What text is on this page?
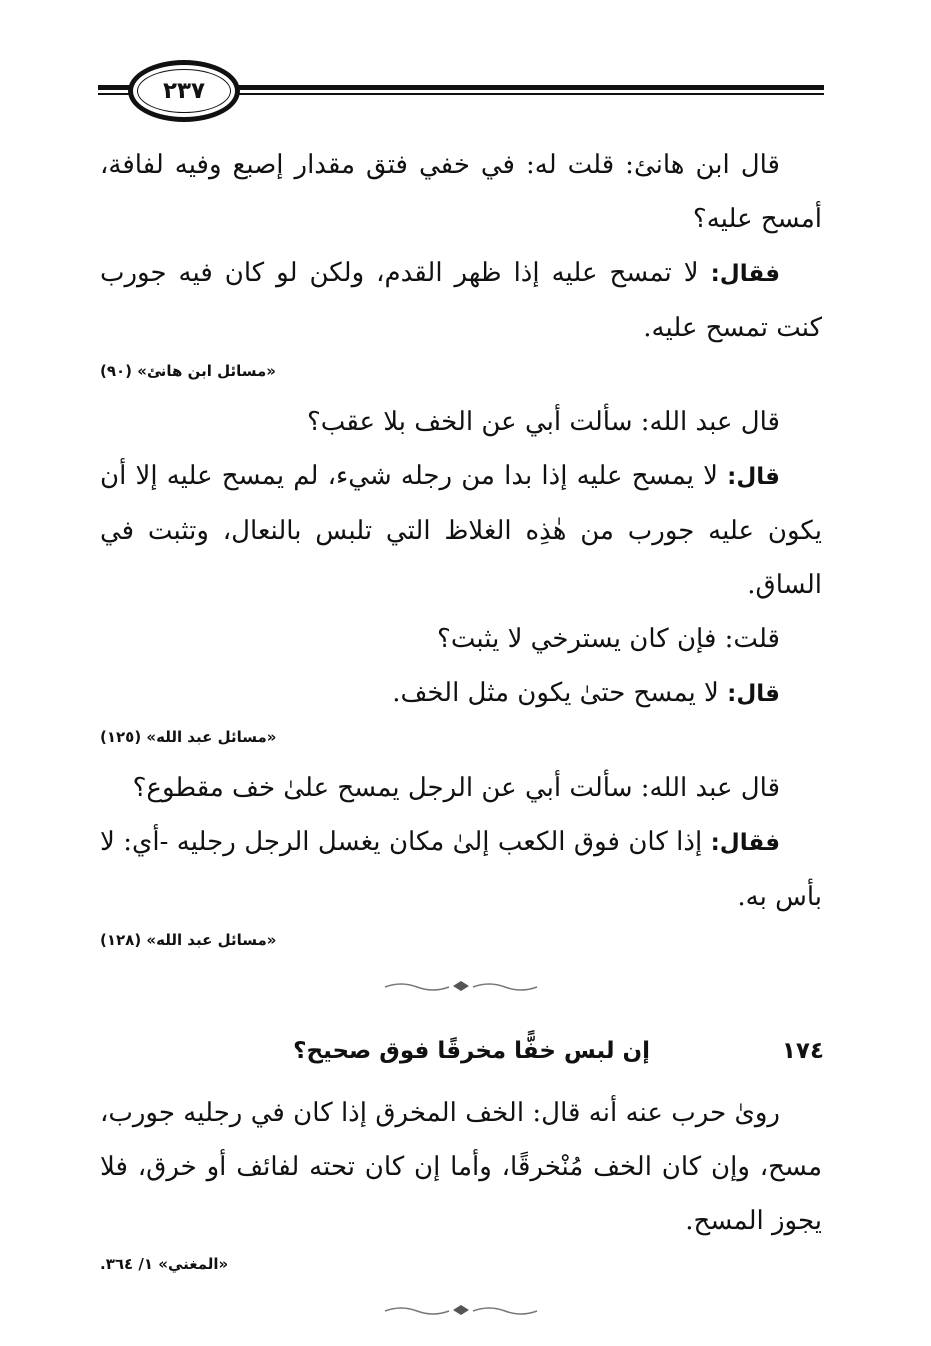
٢٣٧

قال ابن هانئ: قلت له: في خفي فتق مقدار إصبع وفيه لفافة، أمسح عليه؟

فقال: لا تمسح عليه إذا ظهر القدم، ولكن لو كان فيه جورب كنت تمسح عليه.

«مسائل ابن هانئ» (٩٠)

قال عبد الله: سألت أبي عن الخف بلا عقب؟

قال: لا يمسح عليه إذا بدا من رجله شيء، لم يمسح عليه إلا أن يكون عليه جورب من هٰذِه الغلاظ التي تلبس بالنعال، وتثبت في الساق.

قلت: فإن كان يسترخي لا يثبت؟

قال: لا يمسح حتىٰ يكون مثل الخف.

«مسائل عبد الله» (١٢٥)

قال عبد الله: سألت أبي عن الرجل يمسح علىٰ خف مقطوع؟

فقال: إذا كان فوق الكعب إلىٰ مكان يغسل الرجل رجليه -أي: لا بأس به.

«مسائل عبد الله» (١٢٨)
١٧٤
إن لبس خفًّا مخرقًا فوق صحيح؟

روىٰ حرب عنه أنه قال: الخف المخرق إذا كان في رجليه جورب، مسح، وإن كان الخف مُنْخرقًا، وأما إن كان تحته لفائف أو خرق، فلا يجوز المسح.

«المغني» ١/ ٣٦٤.
